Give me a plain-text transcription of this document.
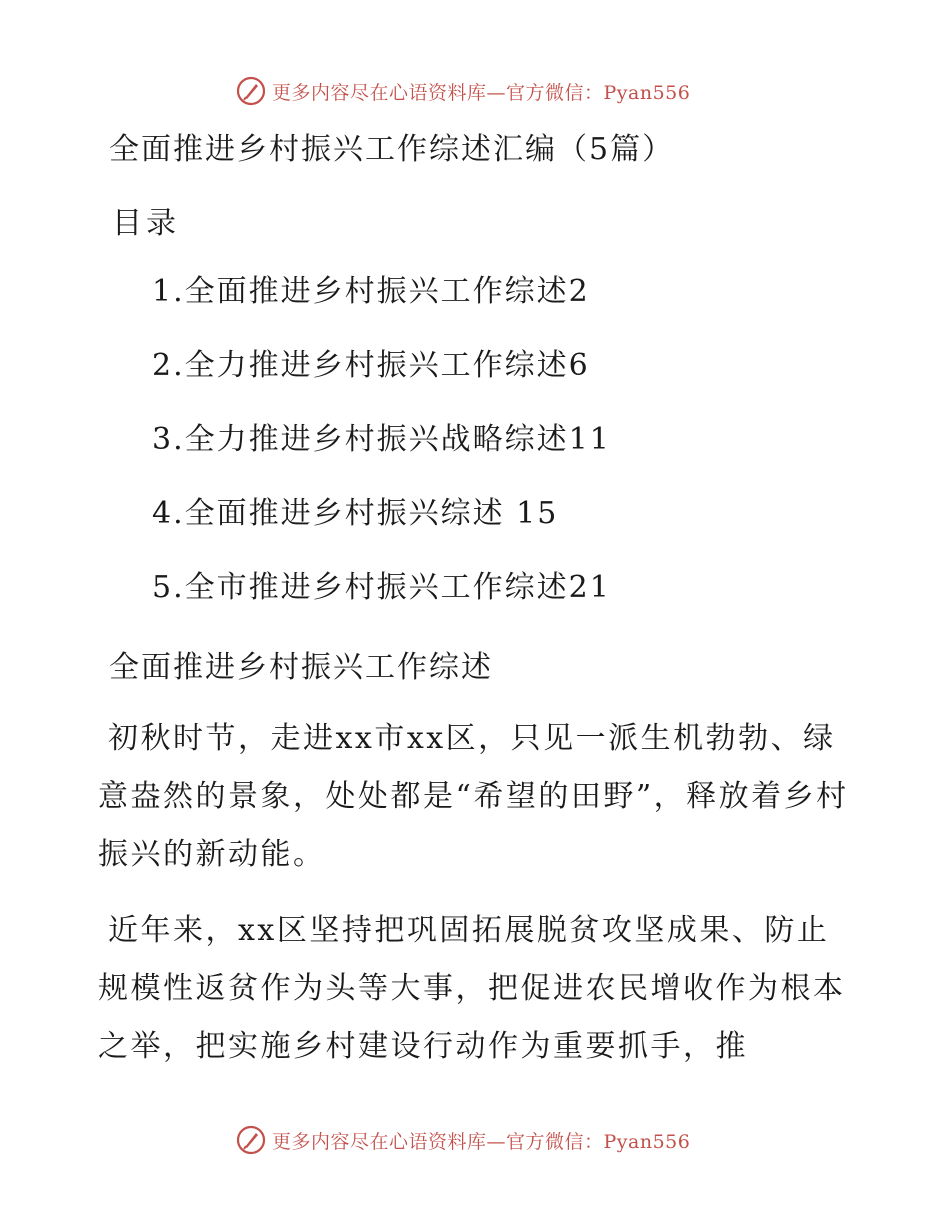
更多内容尽在心语资料库—官方微信：Pyan556
全面推进乡村振兴工作综述汇编（5篇）
目录
1.全面推进乡村振兴工作综述2
2.全力推进乡村振兴工作综述6
3.全力推进乡村振兴战略综述11
4.全面推进乡村振兴综述 15
5.全市推进乡村振兴工作综述21
全面推进乡村振兴工作综述

初秋时节，走进xx市xx区，只见一派生机勃勃、绿意盎然的景象，处处都是“希望的田野”，释放着乡村振兴的新动能。

近年来，xx区坚持把巩固拓展脱贫攻坚成果、防止规模性返贫作为头等大事，把促进农民增收作为根本之举，把实施乡村建设行动作为重要抓手，推

更多内容尽在心语资料库—官方微信：Pyan556
